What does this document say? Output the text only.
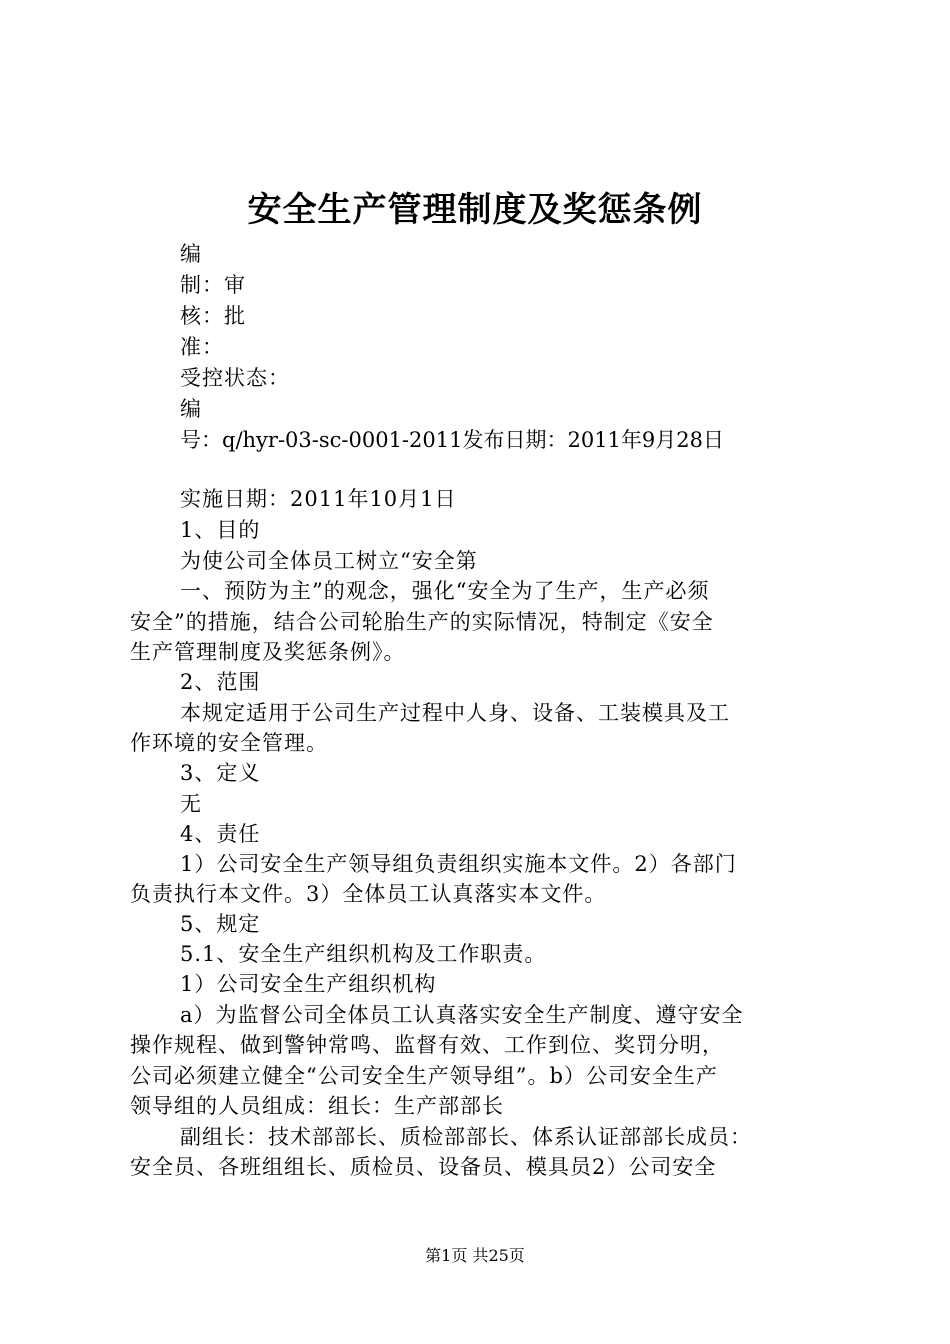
安全生产管理制度及奖惩条例
编
制：审
核：批
准：
受控状态：
编
号：q/hyr-03-sc-0001-2011发布日期：2011年9月28日
实施日期：2011年10月1日
1、目的
为使公司全体员工树立“安全第
一、预防为主”的观念，强化“安全为了生产，生产必须
安全”的措施，结合公司轮胎生产的实际情况，特制定《安全
生产管理制度及奖惩条例》。
2、范围
本规定适用于公司生产过程中人身、设备、工装模具及工
作环境的安全管理。
3、定义
无
4、责任
1）公司安全生产领导组负责组织实施本文件。2）各部门
负责执行本文件。3）全体员工认真落实本文件。
5、规定
5.1、安全生产组织机构及工作职责。
1）公司安全生产组织机构
a）为监督公司全体员工认真落实安全生产制度、遵守安全
操作规程、做到警钟常鸣、监督有效、工作到位、奖罚分明，
公司必须建立健全“公司安全生产领导组”。b）公司安全生产
领导组的人员组成：组长：生产部部长
副组长：技术部部长、质检部部长、体系认证部部长成员：
安全员、各班组组长、质检员、设备员、模具员2）公司安全
第1页 共25页
